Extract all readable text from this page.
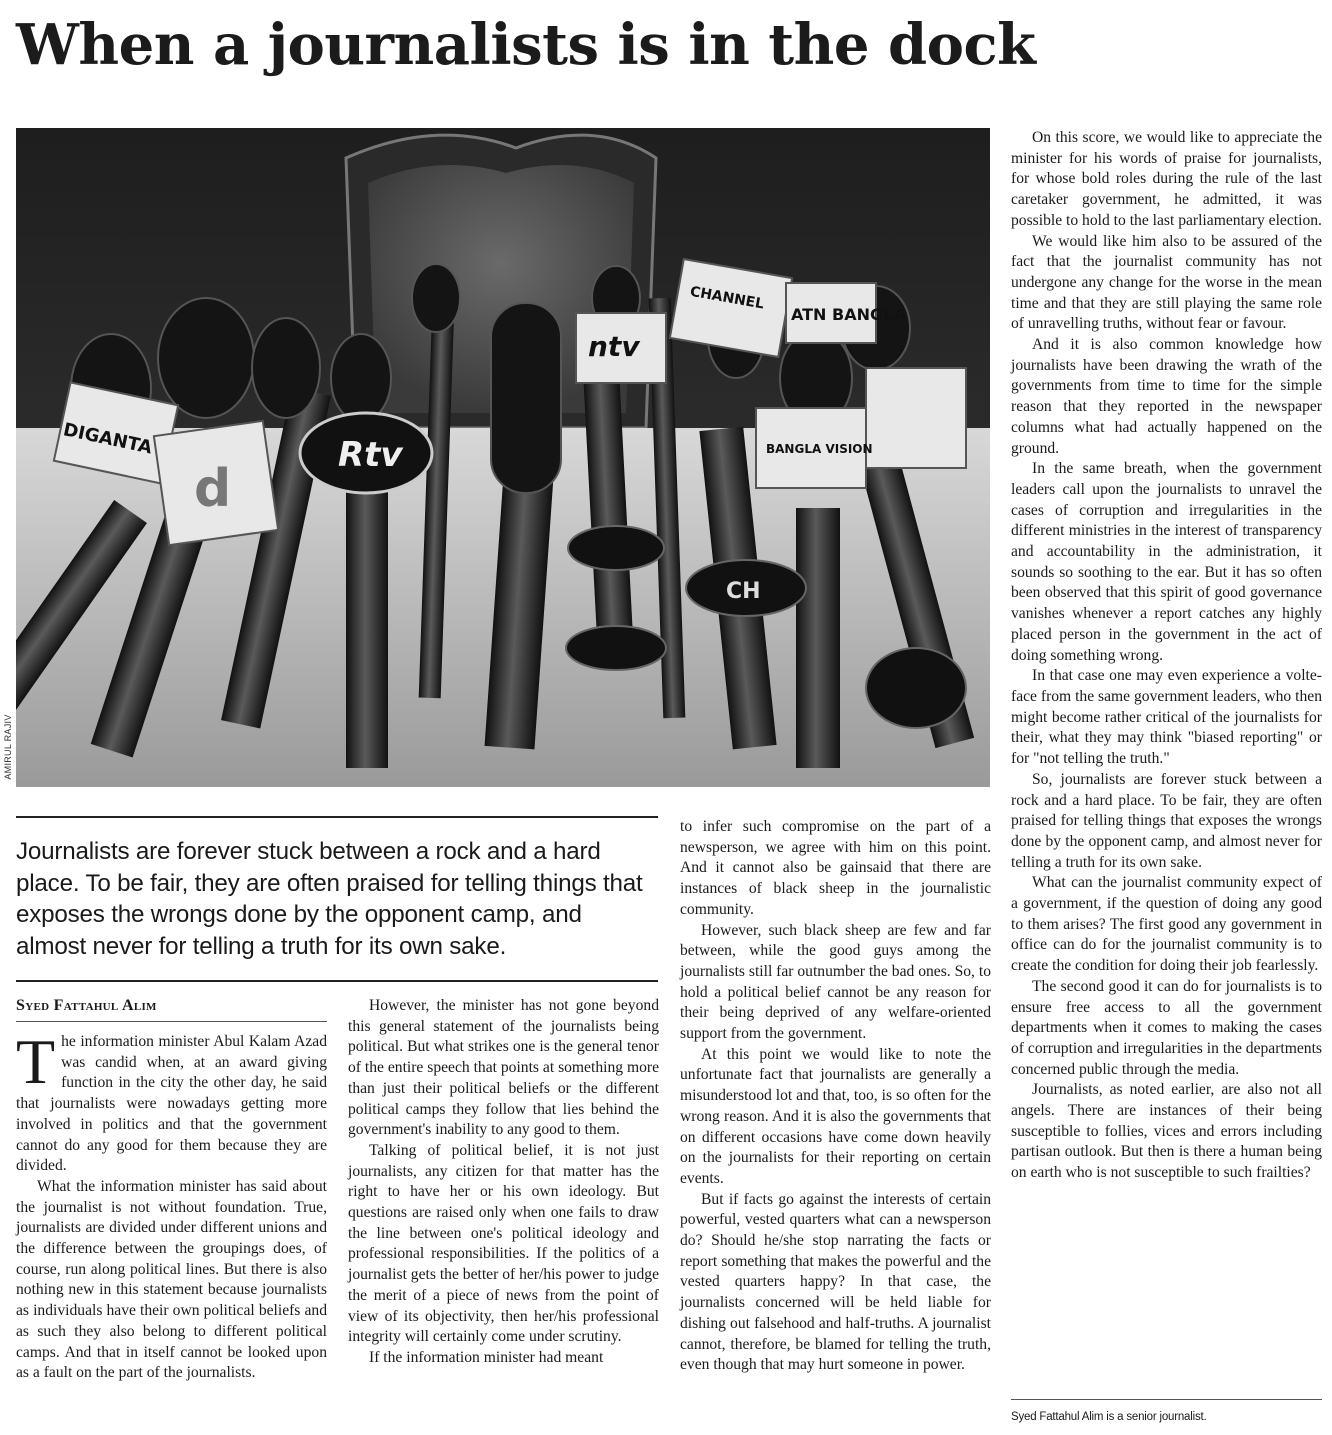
When a journalists is in the dock
DIGANTA	Rtv
CHANNEL
ATN BANGLA
ntv
CH
d
BANGLA VISION
AMIRUL RAJIV

Journalists are forever stuck between a rock and a hard place. To be fair, they are often praised for telling things that exposes the wrongs done by the opponent camp, and almost never for telling a truth for its own sake.

Syed Fattahul Alim

The information minister Abul Kalam Azad was candid when, at an award giving function in the city the other day, he said that journalists were nowadays getting more involved in politics and that the government cannot do any good for them because they are divided.

What the information minister has said about the journalist is not without foundation. True, journalists are divided under different unions and the difference between the groupings does, of course, run along political lines. But there is also nothing new in this statement because journalists as individuals have their own political beliefs and as such they also belong to different political camps. And that in itself cannot be looked upon as a fault on the part of the journalists.

However, the minister has not gone beyond this general statement of the journalists being political. But what strikes one is the general tenor of the entire speech that points at something more than just their political beliefs or the different political camps they follow that lies behind the government's inability to any good to them.

Talking of political belief, it is not just journalists, any citizen for that matter has the right to have her or his own ideology. But questions are raised only when one fails to draw the line between one's political ideology and professional responsibilities. If the politics of a journalist gets the better of her/his power to judge the merit of a piece of news from the point of view of its objectivity, then her/his professional integrity will certainly come under scrutiny.

If the information minister had meant

to infer such compromise on the part of a newsperson, we agree with him on this point. And it cannot also be gainsaid that there are instances of black sheep in the journalistic community.

However, such black sheep are few and far between, while the good guys among the journalists still far outnumber the bad ones. So, to hold a political belief cannot be any reason for their being deprived of any welfare-oriented support from the government.

At this point we would like to note the unfortunate fact that journalists are generally a misunderstood lot and that, too, is so often for the wrong reason. And it is also the governments that on different occasions have come down heavily on the journalists for their reporting on certain events.

But if facts go against the interests of certain powerful, vested quarters what can a newsperson do? Should he/she stop narrating the facts or report something that makes the powerful and the vested quarters happy? In that case, the journalists concerned will be held liable for dishing out falsehood and half-truths. A journalist cannot, therefore, be blamed for telling the truth, even though that may hurt someone in power.

On this score, we would like to appreciate the minister for his words of praise for journalists, for whose bold roles during the rule of the last caretaker government, he admitted, it was possible to hold to the last parliamentary election.

We would like him also to be assured of the fact that the journalist community has not undergone any change for the worse in the mean time and that they are still playing the same role of unravelling truths, without fear or favour.

And it is also common knowledge how journalists have been drawing the wrath of the governments from time to time for the simple reason that they reported in the newspaper columns what had actually happened on the ground.

In the same breath, when the government leaders call upon the journalists to unravel the cases of corruption and irregularities in the different ministries in the interest of transparency and accountability in the administration, it sounds so soothing to the ear. But it has so often been observed that this spirit of good governance vanishes whenever a report catches any highly placed person in the government in the act of doing something wrong.

In that case one may even experience a volte-face from the same government leaders, who then might become rather critical of the journalists for their, what they may think "biased reporting" or for "not telling the truth."

So, journalists are forever stuck between a rock and a hard place. To be fair, they are often praised for telling things that exposes the wrongs done by the opponent camp, and almost never for telling a truth for its own sake.

What can the journalist community expect of a government, if the question of doing any good to them arises? The first good any government in office can do for the journalist community is to create the condition for doing their job fearlessly.

The second good it can do for journalists is to ensure free access to all the government departments when it comes to making the cases of corruption and irregularities in the departments concerned public through the media.

Journalists, as noted earlier, are also not all angels. There are instances of their being susceptible to follies, vices and errors including partisan outlook. But then is there a human being on earth who is not susceptible to such frailties?

Syed Fattahul Alim is a senior journalist.
